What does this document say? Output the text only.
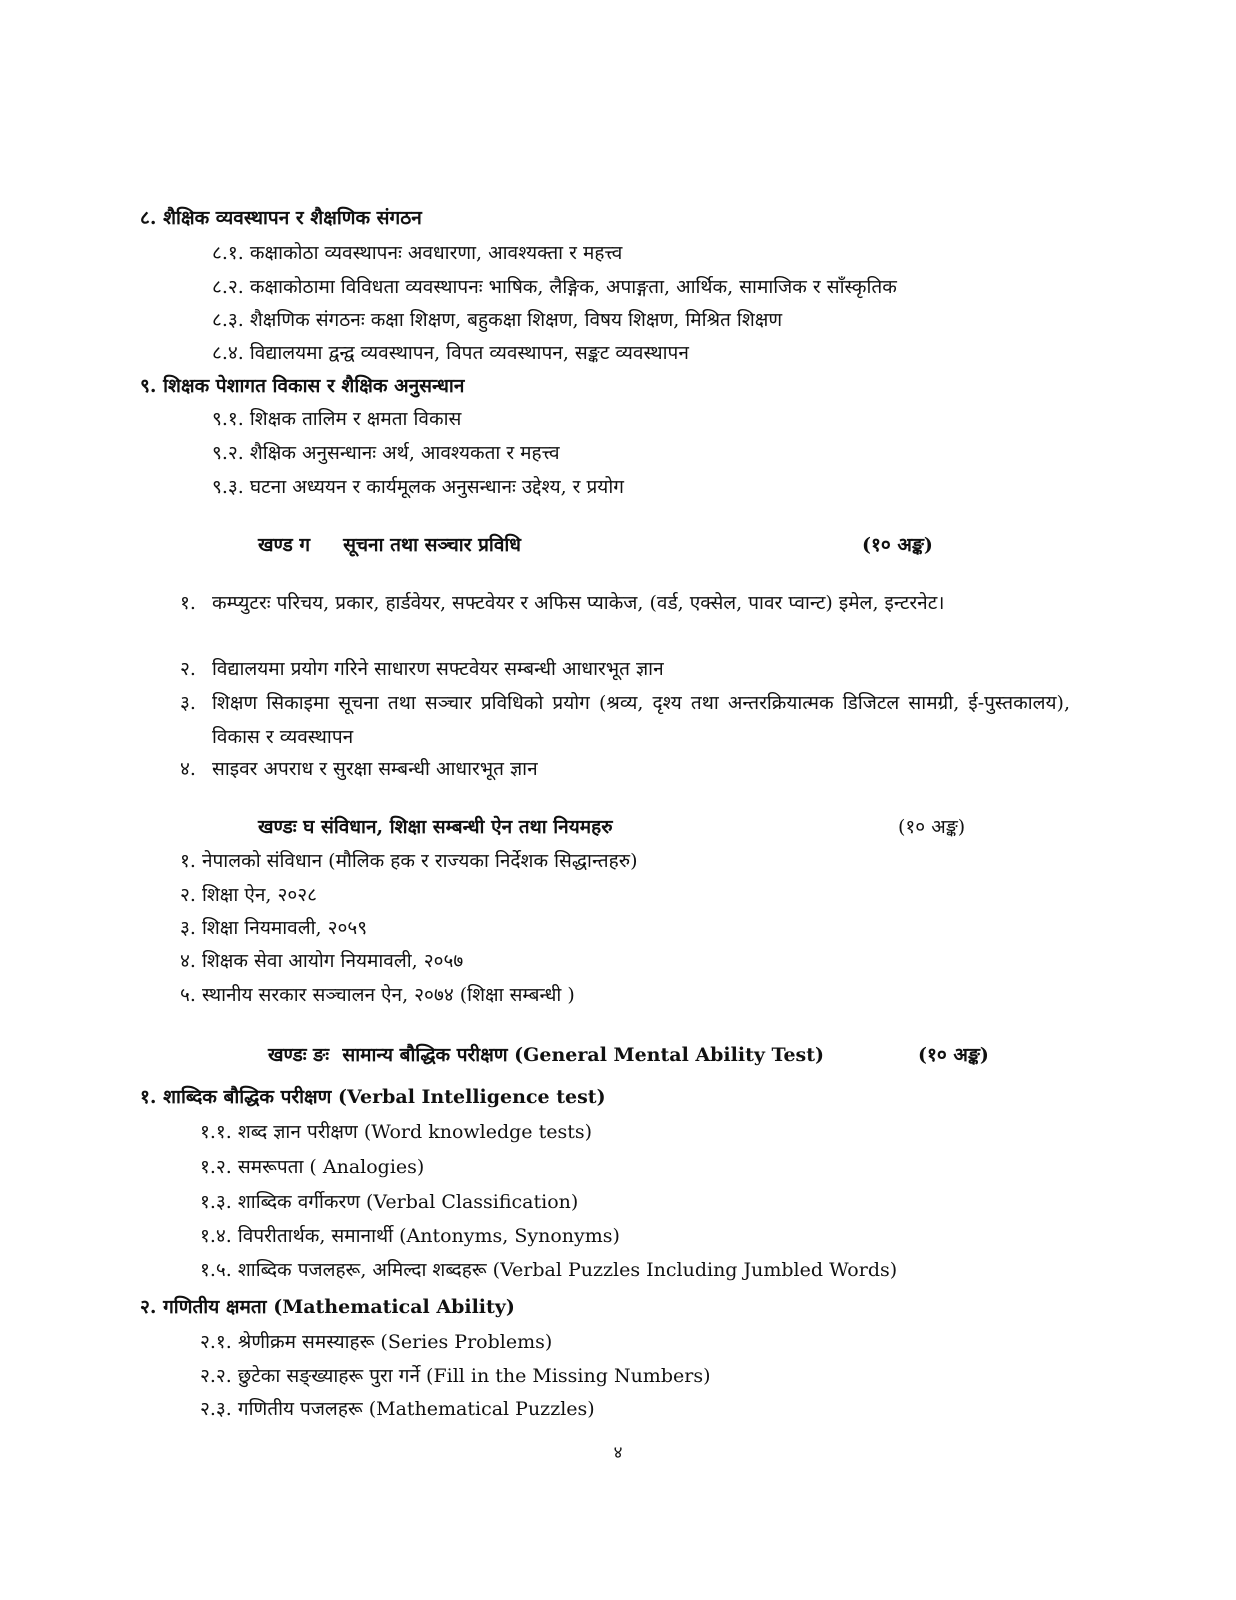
८. शैक्षिक व्यवस्थापन र शैक्षणिक संगठन
८.१. कक्षाकोठा व्यवस्थापनः अवधारणा, आवश्यक्ता र महत्त्व
८.२. कक्षाकोठामा विविधता व्यवस्थापनः भाषिक, लैङ्गिक, अपाङ्गता, आर्थिक, सामाजिक र साँस्कृतिक
८.३. शैक्षणिक संगठनः कक्षा शिक्षण, बहुकक्षा शिक्षण, विषय शिक्षण, मिश्रित शिक्षण
८.४. विद्यालयमा द्वन्द्व व्यवस्थापन, विपत व्यवस्थापन, सङ्कट व्यवस्थापन
९. शिक्षक पेशागत विकास र शैक्षिक अनुसन्धान
९.१. शिक्षक तालिम र क्षमता विकास
९.२. शैक्षिक अनुसन्धानः अर्थ, आवश्यकता र महत्त्व
९.३. घटना अध्ययन र कार्यमूलक अनुसन्धानः उद्देश्य, र प्रयोग
खण्ड ग     सूचना तथा सञ्चार प्रविधि	(१० अङ्क)
१. कम्प्युटरः परिचय, प्रकार, हार्डवेयर, सफ्टवेयर र अफिस प्याकेज, (वर्ड, एक्सेल, पावर प्वान्ट) इमेल, इन्टरनेट।
२. विद्यालयमा प्रयोग गरिने साधारण सफ्टवेयर सम्बन्धी आधारभूत ज्ञान
३. शिक्षण सिकाइमा सूचना तथा सञ्चार प्रविधिको प्रयोग (श्रव्य, दृश्य तथा अन्तरक्रियात्मक डिजिटल सामग्री, ई-पुस्तकालय), विकास र व्यवस्थापन
४. साइवर अपराध र सुरक्षा सम्बन्धी आधारभूत ज्ञान
खण्डः घ संविधान, शिक्षा सम्बन्धी ऐन तथा नियमहरु	(१० अङ्क)
१. नेपालको संविधान (मौलिक हक र राज्यका निर्देशक सिद्धान्तहरु)
२. शिक्षा ऐन, २०२८
३. शिक्षा नियमावली, २०५९
४. शिक्षक सेवा आयोग नियमावली, २०५७
५. स्थानीय सरकार सञ्चालन ऐन, २०७४ (शिक्षा सम्बन्धी )
खण्डः ङः  सामान्य बौद्धिक परीक्षण (General Mental Ability Test)	(१० अङ्क)
१. शाब्दिक बौद्धिक परीक्षण (Verbal Intelligence test)
१.१. शब्द ज्ञान परीक्षण (Word knowledge tests)
१.२. समरूपता ( Analogies)
१.३. शाब्दिक वर्गीकरण (Verbal Classification)
१.४. विपरीतार्थक, समानार्थी (Antonyms, Synonyms)
१.५. शाब्दिक पजलहरू, अमिल्दा शब्दहरू (Verbal Puzzles Including Jumbled Words)
२. गणितीय क्षमता (Mathematical Ability)
२.१. श्रेणीक्रम समस्याहरू (Series Problems)
२.२. छुटेका सङ्ख्याहरू पुरा गर्ने (Fill in the Missing Numbers)
२.३. गणितीय पजलहरू (Mathematical Puzzles)
४
